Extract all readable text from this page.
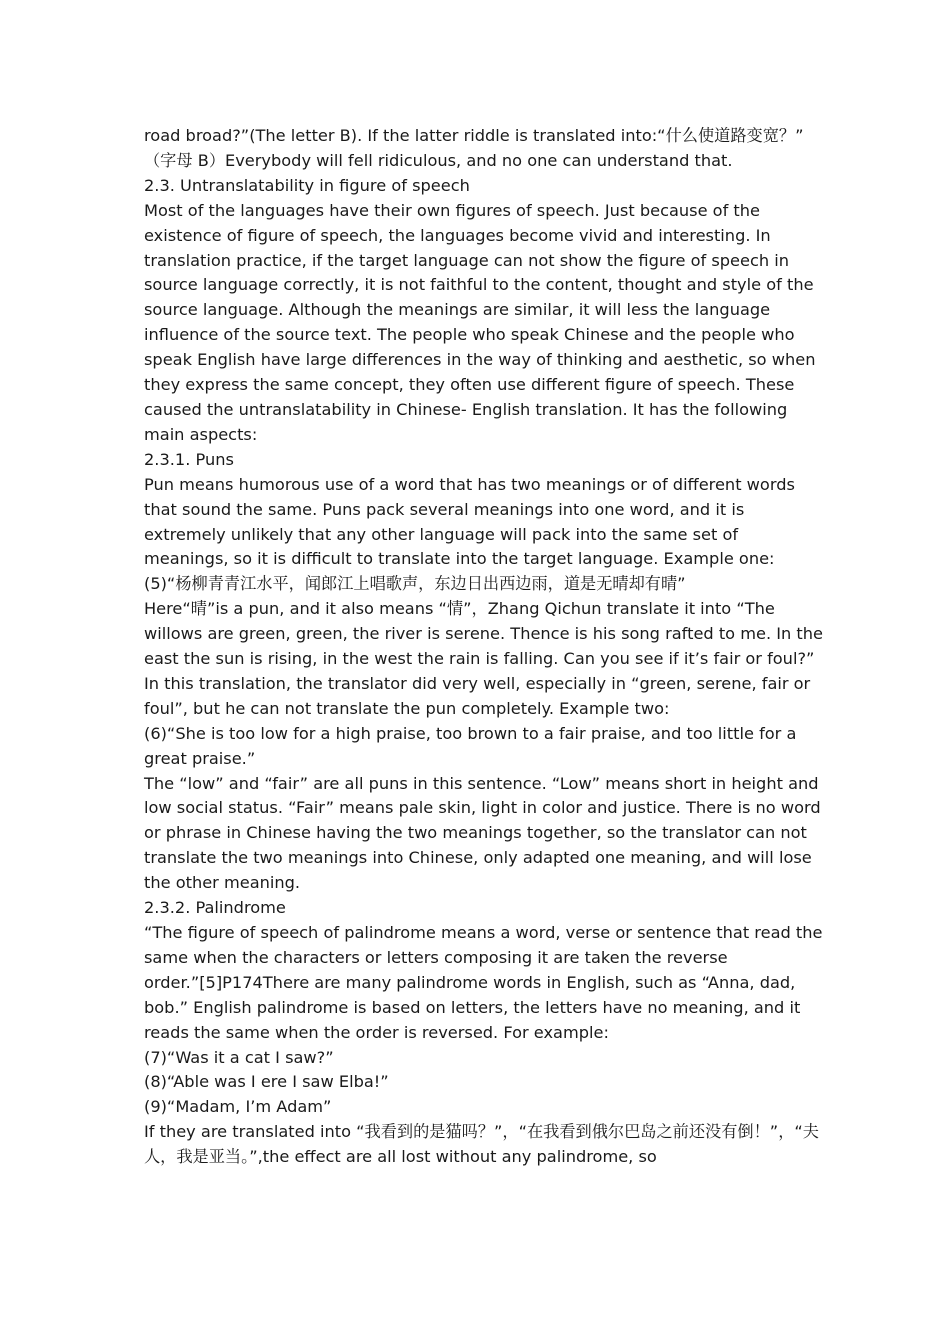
road broad?”(The letter B). If the latter riddle is translated into:“什么使道路变宽？” （字母 B）Everybody will fell ridiculous, and no one can understand that.

2.3. Untranslatability in figure of speech

Most of the languages have their own figures of speech. Just because of the existence of figure of speech, the languages become vivid and interesting. In translation practice, if the target language can not show the figure of speech in source language correctly, it is not faithful to the content, thought and style of the source language. Although the meanings are similar, it will less the language influence of the source text. The people who speak Chinese and the people who speak English have large differences in the way of thinking and aesthetic, so when they express the same concept, they often use different figure of speech. These caused the untranslatability in Chinese- English translation. It has the following main aspects:

2.3.1. Puns

Pun means humorous use of a word that has two meanings or of different words that sound the same. Puns pack several meanings into one word, and it is extremely unlikely that any other language will pack into the same set of meanings, so it is difficult to translate into the target language. Example one:

(5)“杨柳青青江水平，闻郎江上唱歌声，东边日出西边雨，道是无晴却有晴”

Here“晴”is a pun, and it also means “情”，Zhang Qichun translate it into “The willows are green, green, the river is serene. Thence is his song rafted to me. In the east the sun is rising, in the west the rain is falling. Can you see if it’s fair or foul?” In this translation, the translator did very well, especially in “green, serene, fair or foul”, but he can not translate the pun completely. Example two:

(6)“She is too low for a high praise, too brown to a fair praise, and too little for a great praise.”

The “low” and “fair” are all puns in this sentence. “Low” means short in height and low social status. “Fair” means pale skin, light in color and justice. There is no word or phrase in Chinese having the two meanings together, so the translator can not translate the two meanings into Chinese, only adapted one meaning, and will lose the other meaning.

2.3.2. Palindrome

“The figure of speech of palindrome means a word, verse or sentence that read the same when the characters or letters composing it are taken the reverse order.”[5]P174There are many palindrome words in English, such as “Anna, dad, bob.” English palindrome is based on letters, the letters have no meaning, and it reads the same when the order is reversed. For example:

(7)“Was it a cat I saw?”

(8)“Able was I ere I saw Elba!”

(9)“Madam, I’m Adam”

If they are translated into “我看到的是猫吗？”，“在我看到俄尔巴岛之前还没有倒！”，“夫人，我是亚当。”,the effect are all lost without any palindrome, so
